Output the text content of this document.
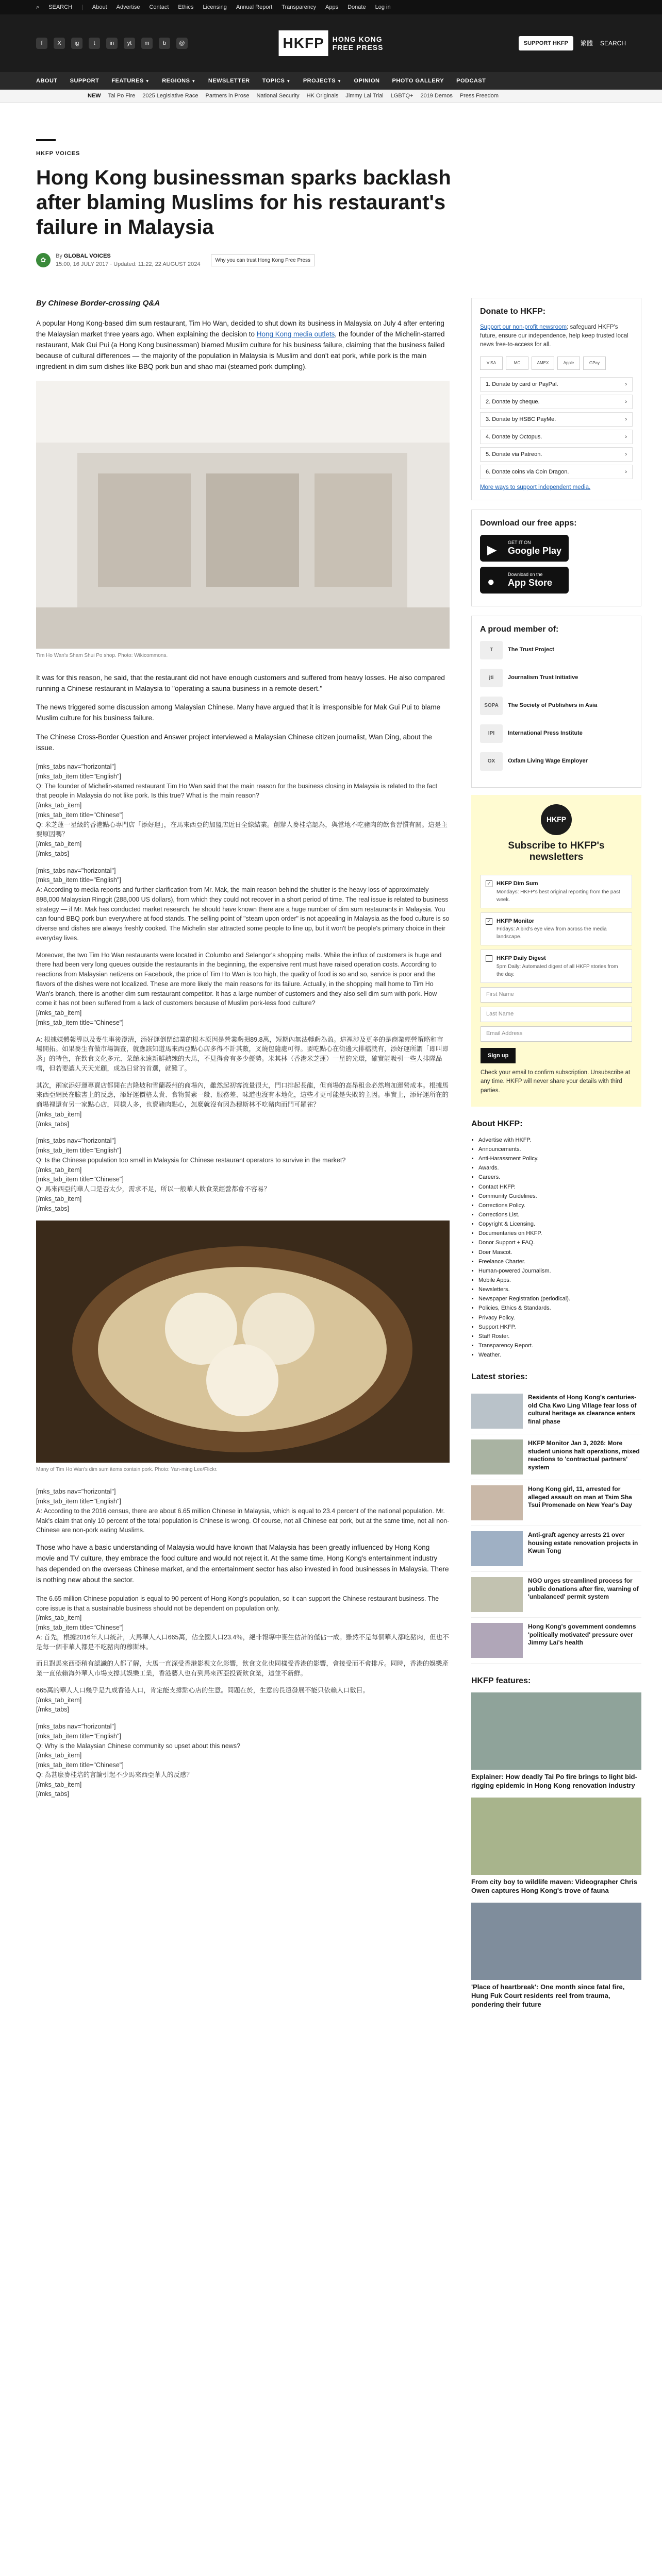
⌕ SEARCH | About Advertise Contact Ethics Licensing Annual Report Transparency Apps Donate Log in
f	X	ig	t	in	yt	m	b	@	HKFP	HONG KONG
FREE PRESS
SUPPORT HKFP	繁體 SEARCH
ABOUT SUPPORT FEATURES ▼ REGIONS ▼ NEWSLETTER TOPICS ▼ PROJECTS ▼ OPINION PHOTO GALLERY PODCAST
NEW Tai Po Fire 2025 Legislative Race Partners in Prose National Security HK Originals Jimmy Lai Trial LGBTQ+ 2019 Demos Press Freedom
HKFP VOICES
Hong Kong businessman sparks backlash after blaming Muslims for his restaurant's failure in Malaysia
✿
By GLOBAL VOICES
15:00, 16 JULY 2017 · Updated: 11:22, 22 AUGUST 2024
Why you can trust Hong Kong Free Press
By Chinese Border-crossing Q&A

A popular Hong Kong-based dim sum restaurant, Tim Ho Wan, decided to shut down its business in Malaysia on July 4 after entering the Malaysian market three years ago. When explaining the decision to Hong Kong media outlets, the founder of the Michelin-starred restaurant, Mak Gui Pui (a Hong Kong businessman) blamed Muslim culture for his business failure, claiming that the business failed because of cultural differences — the majority of the population in Malaysia is Muslim and don't eat pork, while pork is the main ingredient in dim sum dishes like BBQ pork bun and shao mai (steamed pork dumpling).

Tim Ho Wan's Sham Shui Po shop. Photo: Wikicommons.

It was for this reason, he said, that the restaurant did not have enough customers and suffered from heavy losses. He also compared running a Chinese restaurant in Malaysia to "operating a sauna business in a remote desert."

The news triggered some discussion among Malaysian Chinese. Many have argued that it is irresponsible for Mak Gui Pui to blame Muslim culture for his business failure.

The Chinese Cross-Border Question and Answer project interviewed a Malaysian Chinese citizen journalist, Wan Ding, about the issue.

[mks_tabs nav="horizontal"]
[mks_tab_item title="English"]
Q: The founder of Michelin-starred restaurant Tim Ho Wan said that the main reason for the business closing in Malaysia is related to the fact that people in Malaysia do not like pork. Is this true? What is the main reason?
[/mks_tab_item]
[mks_tab_item title="Chinese"]
Q: 米芝蓮一星級的香港點心專門店「添好運」，在馬來西亞的加盟店近日全線結業。創辦人麥桂培認為，與當地不吃豬肉的飲食習慣有關。這是主要原因嗎？
[/mks_tab_item]
[/mks_tabs]
[mks_tabs nav="horizontal"]
[mks_tab_item title="English"]
A: According to media reports and further clarification from Mr. Mak, the main reason behind the shutter is the heavy loss of approximately 898,000 Malaysian Ringgit (288,000 US dollars), from which they could not recover in a short period of time. The real issue is related to business strategy — if Mr. Mak has conducted market research, he should have known there are a huge number of dim sum restaurants in Malaysia. You can found BBQ pork bun everywhere at food stands. The selling point of "steam upon order" is not appealing in Malaysia as the food culture is so diverse and dishes are always freshly cooked. The Michelin star attracted some people to line up, but it won't be people's primary choice in their everyday lives.
Moreover, the two Tim Ho Wan restaurants were located in Columbo and Selangor's shopping malls. While the influx of customers is huge and there had been very long queues outside the restaurants in the beginning, the expensive rent must have raised operation costs. According to reactions from Malaysian netizens on Facebook, the price of Tim Ho Wan is too high, the quality of food is so and so, service is poor and the flavors of the dishes were not localized. These are more likely the main reasons for its failure. Actually, in the shopping mall home to Tim Ho Wan's branch, there is another dim sum restaurant competitor. It has a large number of customers and they also sell dim sum with pork. How come it has not been suffered from a lack of customers because of Muslim pork-less food culture?
[/mks_tab_item]
[mks_tab_item title="Chinese"]
A: 根據媒體報導以及麥生事後澄清，添好運倒閉結業的根本原因是營業虧損89.8萬，短期內無法轉虧為盈。這裡涉及更多的是商業經營策略和市場開拓。如果麥生有做市場調查，就應該知道馬來西亞點心店多得不計其數，叉燒包隨處可得。要吃點心在街邊大排檔就有，添好運所謂「即叫即蒸」的特色，在飲食文化多元、菜餚永遠新鮮熱辣的大馬，不見得會有多少優勢。米其林（香港米芝蓮）一星的光環，確實能吸引一些人排隊品嚐，但若要讓人天天光顧，成為日常的首選，就難了。
其次，兩家添好運專賣店都開在吉隆坡和雪蘭莪州的商場內，雖然起初客流量很大，門口排起長龍，但商場的高昂租金必然增加運營成本。根據馬來西亞網民在臉書上的反應，添好運價格太貴、食物質素一般、服務差、味道也沒有本地化，這些才更可能是失敗的主因。事實上，添好運所在的商場裡還有另一家點心店，同樣人多，也賣豬肉點心，怎麼就沒有因為穆斯林不吃豬肉而門可羅雀？
[/mks_tab_item]
[/mks_tabs]
[mks_tabs nav="horizontal"]
[mks_tab_item title="English"]
Q: Is the Chinese population too small in Malaysia for Chinese restaurant operators to survive in the market?
[/mks_tab_item]
[mks_tab_item title="Chinese"]
Q: 馬來西亞的華人口是否太少，需求不足，所以一般華人飲食業經營都會不容易？
[/mks_tab_item]
[/mks_tabs]
Many of Tim Ho Wan's dim sum items contain pork. Photo: Yan-ming Lee/Flickr.
[mks_tabs nav="horizontal"]
[mks_tab_item title="English"]
A: According to the 2016 census, there are about 6.65 million Chinese in Malaysia, which is equal to 23.4 percent of the national population. Mr. Mak's claim that only 10 percent of the total population is Chinese is wrong. Of course, not all Chinese eat pork, but at the same time, not all non-Chinese are non-pork eating Muslims.

Those who have a basic understanding of Malaysia would have known that Malaysia has been greatly influenced by Hong Kong movie and TV culture, they embrace the food culture and would not reject it. At the same time, Hong Kong's entertainment industry has depended on the overseas Chinese market, and the entertainment sector has also invested in food businesses in Malaysia. There is nothing new about the sector.

The 6.65 million Chinese population is equal to 90 percent of Hong Kong's population, so it can support the Chinese restaurant business. The core issue is that a sustainable business should not be dependent on population only.
[/mks_tab_item]
[mks_tab_item title="Chinese"]
A: 首先，根據2016年人口統計，大馬華人人口665萬，佔全國人口23.4％，絕非報導中麥生估計的僅佔一成。雖然不是每個華人都吃豬肉，但也不是每一個非華人都是不吃豬肉的穆斯林。
而且對馬來西亞稍有認識的人都了解，大馬一直深受香港影視文化影響，飲食文化也同樣受香港的影響，會接受而不會排斥。同時，香港的娛樂產業一直依賴海外華人市場支撐其娛樂工業，香港藝人也有到馬來西亞投資飲食業，這並不新鮮。
665萬的華人人口幾乎是九成香港人口，肯定能支撐點心店的生意。問題在於，生意的長遠發展不能只依賴人口數目。
[/mks_tab_item]
[/mks_tabs]
[mks_tabs nav="horizontal"]
[mks_tab_item title="English"]
Q: Why is the Malaysian Chinese community so upset about this news?
[/mks_tab_item]
[mks_tab_item title="Chinese"]
Q: 為甚麼麥桂培的言論引起不少馬來西亞華人的反感？
[/mks_tab_item]
[/mks_tabs]
Donate to HKFP:
Support our non-profit newsroom; safeguard HKFP's future, ensure our independence, help keep trusted local news free-to-access for all.
VISA	MC	AMEX	Apple	GPay
1. Donate by card or PayPal.	›
2. Donate by cheque.	›
3. Donate by HSBC PayMe.	›
4. Donate by Octopus.	›
5. Donate via Patreon.	›
6. Donate coins via Coin Dragon.	›
More ways to support independent media.
Download our free apps:
▶
GET IT ON
Google Play
●
Download on the
App Store
A proud member of:
T	The Trust Project
jti	Journalism Trust Initiative
SOPA	The Society of Publishers in Asia
IPI	International Press Institute
OX	Oxfam Living Wage Employer
HKFP
Subscribe to HKFP's newsletters
✓ HKFP Dim Sum
Mondays: HKFP's best original reporting from the past week.
✓ HKFP Monitor
Fridays: A bird's eye view from across the media landscape.
HKFP Daily Digest
5pm Daily: Automated digest of all HKFP stories from the day.
First Name
Last Name
Email Address
Sign up
Check your email to confirm subscription. Unsubscribe at any time. HKFP will never share your details with third parties.
About HKFP:
• Advertise with HKFP.
• Announcements.
• Anti-Harassment Policy.
• Awards.
• Careers.
• Contact HKFP.
• Community Guidelines.
• Corrections Policy.
• Corrections List.
• Copyright & Licensing.
• Documentaries on HKFP.
• Donor Support + FAQ.
• Doer Mascot.
• Freelance Charter.
• Human-powered Journalism.
• Mobile Apps.
• Newsletters.
• Newspaper Registration (periodical).
• Policies, Ethics & Standards.
• Privacy Policy.
• Support HKFP.
• Staff Roster.
• Transparency Report.
• Weather.
Latest stories:
Residents of Hong Kong's centuries-old Cha Kwo Ling Village fear loss of cultural heritage as clearance enters final phase
HKFP Monitor Jan 3, 2026: More student unions halt operations, mixed reactions to 'contractual partners' system
Hong Kong girl, 11, arrested for alleged assault on man at Tsim Sha Tsui Promenade on New Year's Day
Anti-graft agency arrests 21 over housing estate renovation projects in Kwun Tong
NGO urges streamlined process for public donations after fire, warning of 'unbalanced' permit system
Hong Kong's government condemns 'politically motivated' pressure over Jimmy Lai's health
HKFP features:
Explainer: How deadly Tai Po fire brings to light bid-rigging epidemic in Hong Kong renovation industry
From city boy to wildlife maven: Videographer Chris Owen captures Hong Kong's trove of fauna
'Place of heartbreak': One month since fatal fire, Hung Fuk Court residents reel from trauma, pondering their future
